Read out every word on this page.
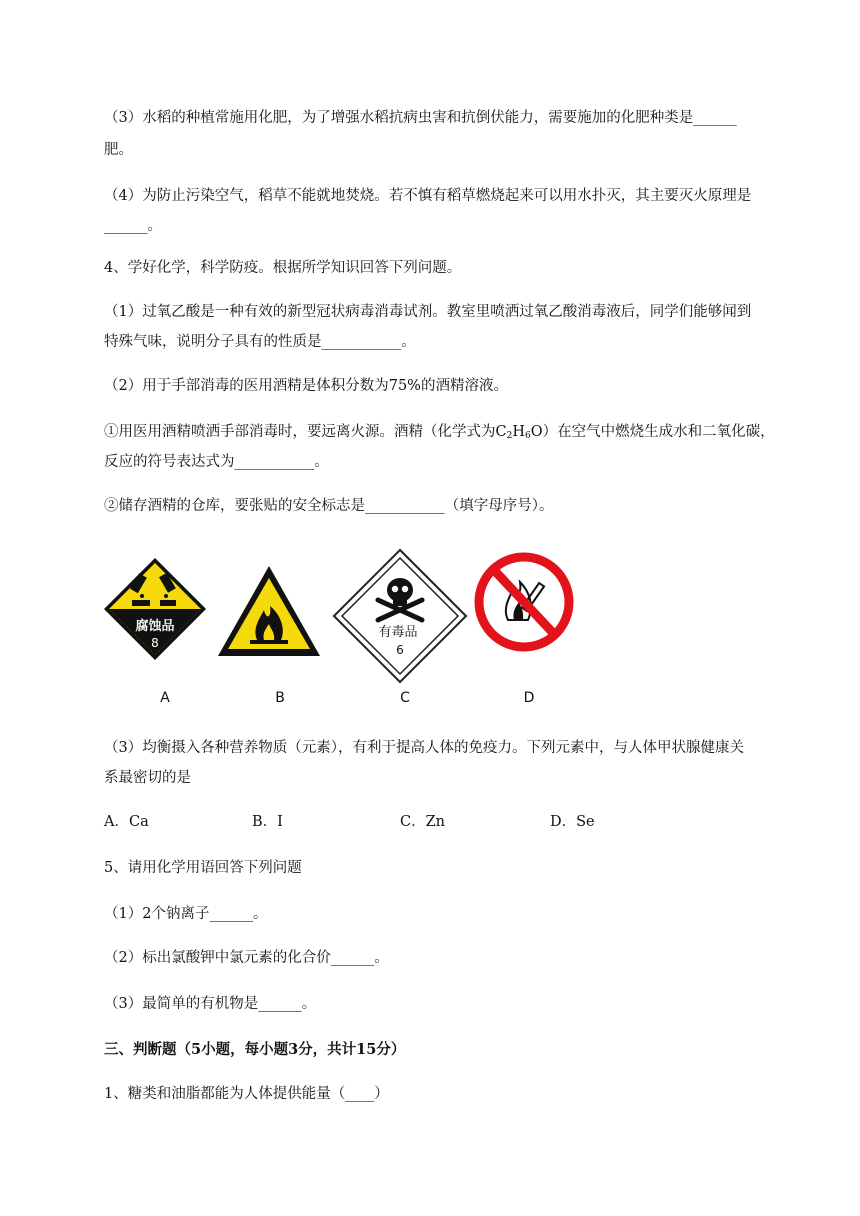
（3）水稻的种植常施用化肥，为了增强水稻抗病虫害和抗倒伏能力，需要施加的化肥种类是______

肥。

（4）为防止污染空气，稻草不能就地焚烧。若不慎有稻草燃烧起来可以用水扑灭，其主要灭火原理是

______。

4、学好化学，科学防疫。根据所学知识回答下列问题。

（1）过氧乙酸是一种有效的新型冠状病毒消毒试剂。教室里喷洒过氧乙酸消毒液后，同学们能够闻到

特殊气味，说明分子具有的性质是___________。

（2）用于手部消毒的医用酒精是体积分数为75%的酒精溶液。

①用医用酒精喷洒手部消毒时，要远离火源。酒精（化学式为$C_2H_6O$）在空气中燃烧生成水和二氧化碳，

反应的符号表达式为___________。

②储存酒精的仓库，要张贴的安全标志是___________（填字母序号）。

腐蚀品
8
有毒品
6
A	B	C	D

（3）均衡摄入各种营养物质（元素），有利于提高人体的免疫力。下列元素中，与人体甲状腺健康关

系最密切的是

A．Ca	B．I	C．Zn	D．Se

5、请用化学用语回答下列问题

（1）2个钠离子______。

（2）标出氯酸钾中氯元素的化合价______。

（3）最简单的有机物是______。

三、判断题（5小题，每小题3分，共计15分）

1、糖类和油脂都能为人体提供能量（____）
